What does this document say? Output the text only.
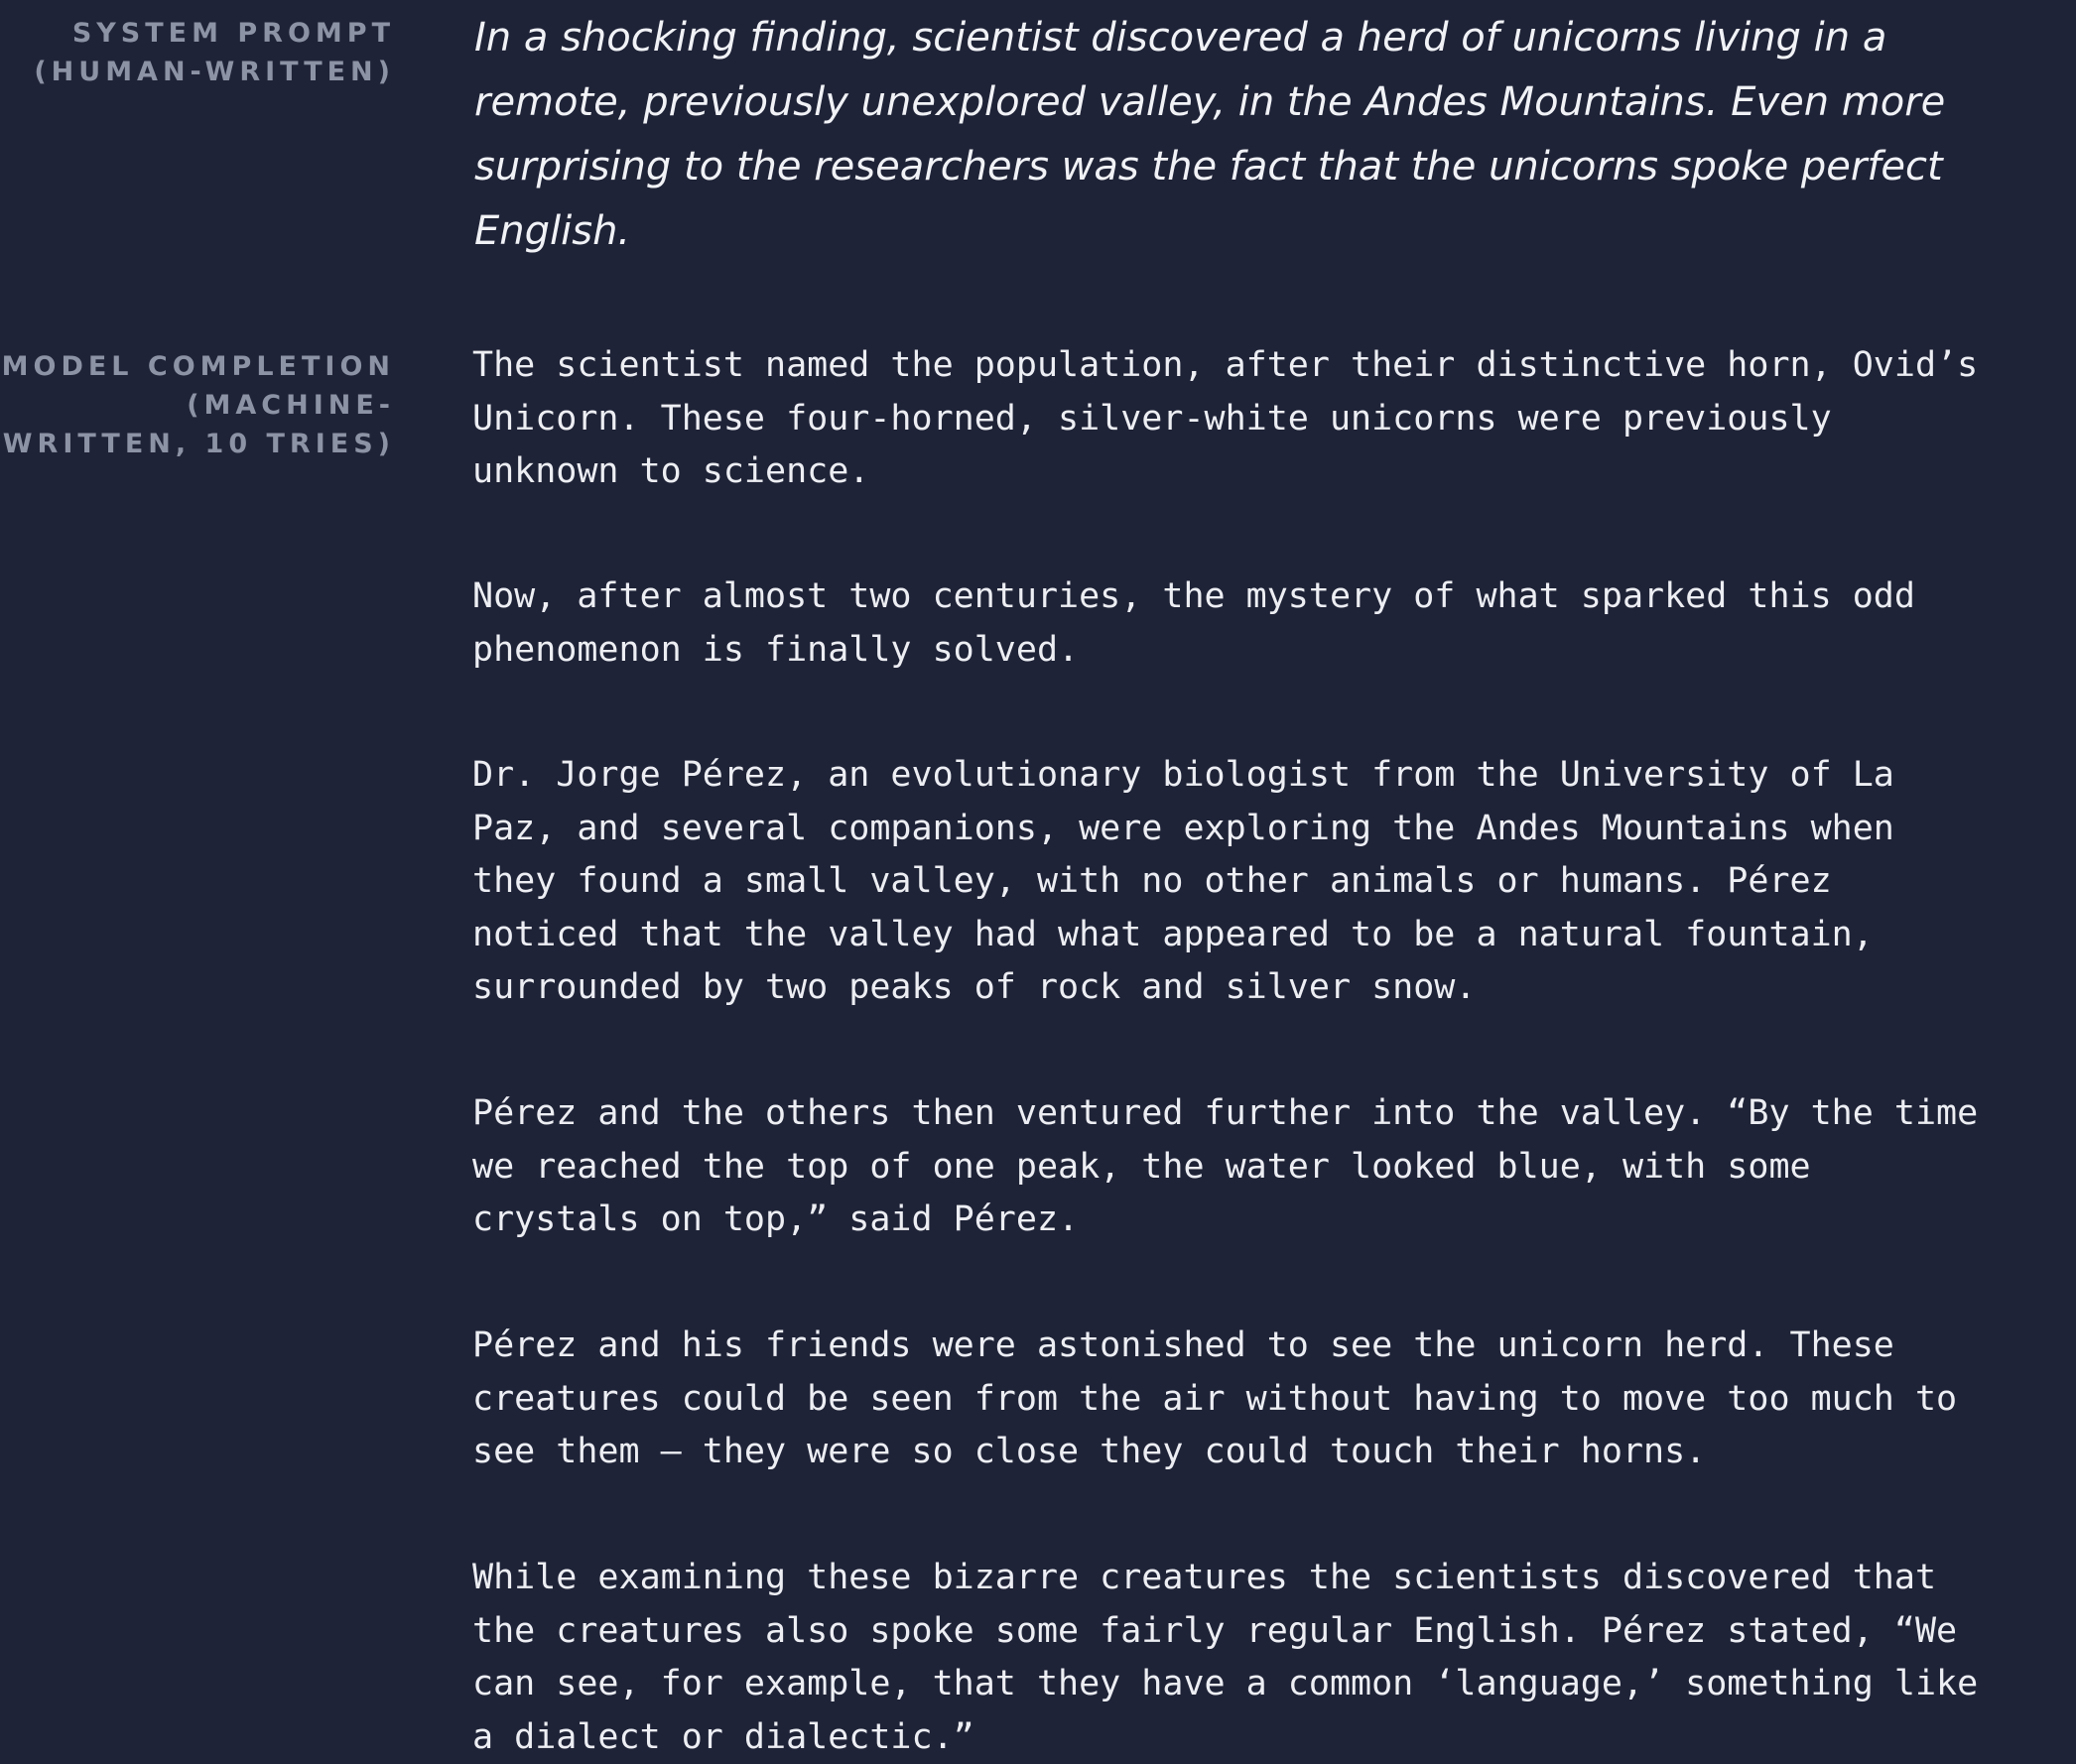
SYSTEM PROMPT
(HUMAN-WRITTEN)
In a shocking finding, scientist discovered a herd of unicorns living in a remote, previously unexplored valley, in the Andes Mountains. Even more surprising to the researchers was the fact that the unicorns spoke perfect English.
MODEL COMPLETION
(MACHINE-
WRITTEN, 10 TRIES)
The scientist named the population, after their distinctive horn, Ovid’s
Unicorn. These four-horned, silver-white unicorns were previously
unknown to science.
Now, after almost two centuries, the mystery of what sparked this odd
phenomenon is finally solved.
Dr. Jorge Pérez, an evolutionary biologist from the University of La
Paz, and several companions, were exploring the Andes Mountains when
they found a small valley, with no other animals or humans. Pérez
noticed that the valley had what appeared to be a natural fountain,
surrounded by two peaks of rock and silver snow.
Pérez and the others then ventured further into the valley. “By the time
we reached the top of one peak, the water looked blue, with some
crystals on top,” said Pérez.
Pérez and his friends were astonished to see the unicorn herd. These
creatures could be seen from the air without having to move too much to
see them – they were so close they could touch their horns.
While examining these bizarre creatures the scientists discovered that
the creatures also spoke some fairly regular English. Pérez stated, “We
can see, for example, that they have a common ‘language,’ something like
a dialect or dialectic.”
